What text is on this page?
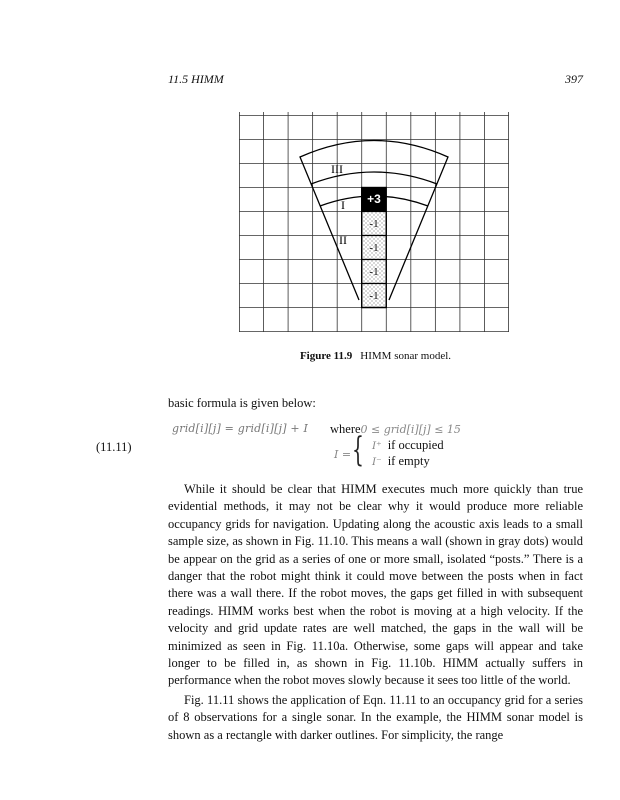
11.5 HIMM	397
III
I
II
+3
-1
-1
-1
-1
Figure 11.9 HIMM sonar model.
basic formula is given below:
(11.11)
grid[i][j] = grid[i][j] + I where0 ≤ grid[i][j] ≤ 15
I = { I⁺ if occupied
I⁻ if empty

While it should be clear that HIMM executes much more quickly than true evidential methods, it may not be clear why it would produce more reliable occupancy grids for navigation. Updating along the acoustic axis leads to a small sample size, as shown in Fig. 11.10. This means a wall (shown in gray dots) would be appear on the grid as a series of one or more small, isolated “posts.” There is a danger that the robot might think it could move between the posts when in fact there was a wall there. If the robot moves, the gaps get filled in with subsequent readings. HIMM works best when the robot is moving at a high velocity. If the velocity and grid update rates are well matched, the gaps in the wall will be minimized as seen in Fig. 11.10a. Otherwise, some gaps will appear and take longer to be filled in, as shown in Fig. 11.10b. HIMM actually suffers in performance when the robot moves slowly because it sees too little of the world.

Fig. 11.11 shows the application of Eqn. 11.11 to an occupancy grid for a series of 8 observations for a single sonar. In the example, the HIMM sonar model is shown as a rectangle with darker outlines. For simplicity, the range
